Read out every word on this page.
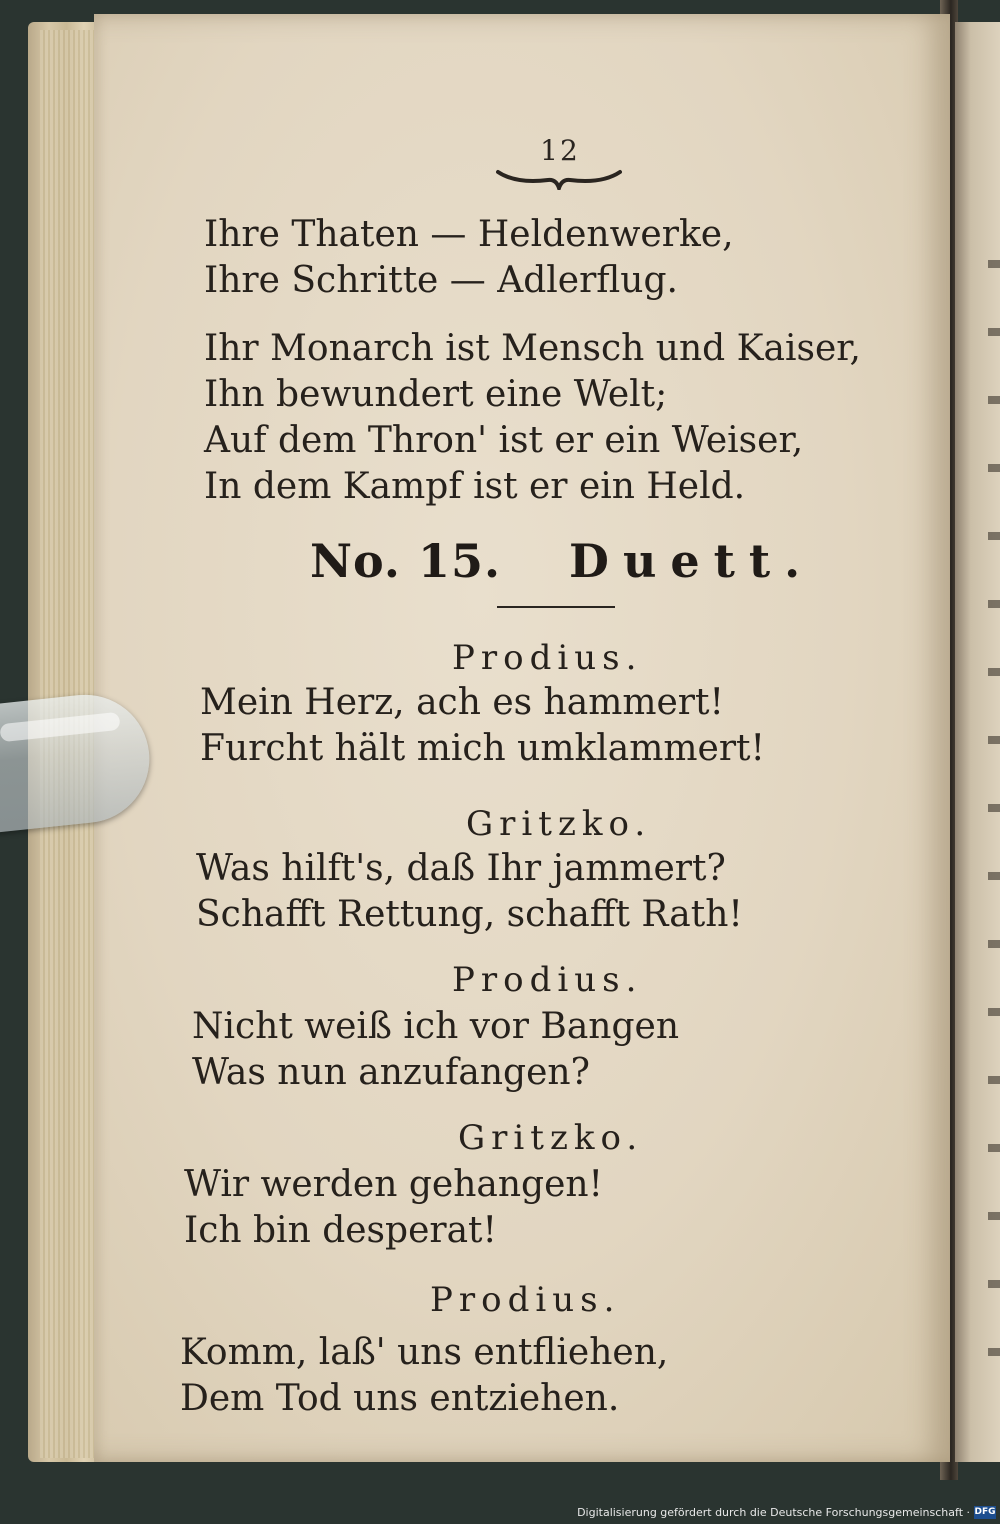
12
Ihre Thaten — Heldenwerke,
Ihre Schritte — Adlerflug.
Ihr Monarch ist Mensch und Kaiser,
Ihn bewundert eine Welt;
Auf dem Thron' ist er ein Weiser,
In dem Kampf ist er ein Held.
No. 15. Duett.
Prodius.
Mein Herz, ach es hammert!
Furcht hält mich umklammert!
Gritzko.
Was hilft's, daß Ihr jammert?
Schafft Rettung, schafft Rath!
Prodius.
Nicht weiß ich vor Bangen
Was nun anzufangen?
Gritzko.
Wir werden gehangen!
Ich bin desperat!
Prodius.
Komm, laß' uns entfliehen,
Dem Tod uns entziehen.
Digitalisierung gefördert durch die Deutsche Forschungsgemeinschaft · DFG
